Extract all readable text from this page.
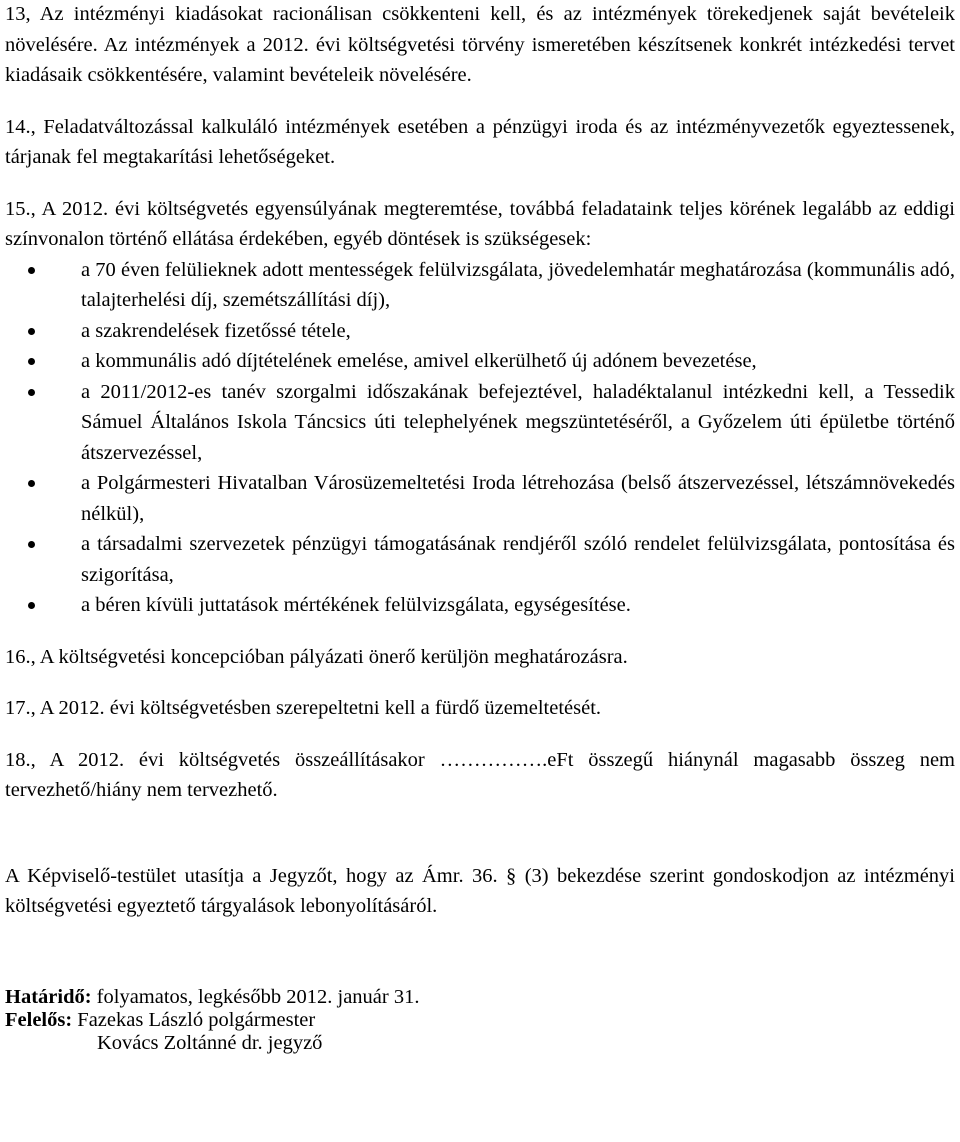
13, Az intézményi kiadásokat racionálisan csökkenteni kell, és az intézmények törekedjenek saját bevételeik növelésére. Az intézmények a 2012. évi költségvetési törvény ismeretében készítsenek konkrét intézkedési tervet kiadásaik csökkentésére, valamint bevételeik növelésére.

14., Feladatváltozással kalkuláló intézmények esetében a pénzügyi iroda és az intézményvezetők egyeztessenek, tárjanak fel megtakarítási lehetőségeket.

15., A 2012. évi költségvetés egyensúlyának megteremtése, továbbá feladataink teljes körének legalább az eddigi színvonalon történő ellátása érdekében, egyéb döntések is szükségesek:

a 70 éven felülieknek adott mentességek felülvizsgálata, jövedelemhatár meghatározása (kommunális adó, talajterhelési díj, szemétszállítási díj),
a szakrendelések fizetőssé tétele,
a kommunális adó díjtételének emelése, amivel elkerülhető új adónem bevezetése,
a 2011/2012-es tanév szorgalmi időszakának befejeztével, haladéktalanul intézkedni kell, a Tessedik Sámuel Általános Iskola Táncsics úti telephelyének megszüntetéséről, a Győzelem úti épületbe történő átszervezéssel,
a Polgármesteri Hivatalban Városüzemeltetési Iroda létrehozása (belső átszervezéssel, létszámnövekedés nélkül),
a társadalmi szervezetek pénzügyi támogatásának rendjéről szóló rendelet felülvizsgálata, pontosítása és szigorítása,
a béren kívüli juttatások mértékének felülvizsgálata, egységesítése.

16., A költségvetési koncepcióban pályázati önerő kerüljön meghatározásra.

17., A 2012. évi költségvetésben szerepeltetni kell a fürdő üzemeltetését.

18., A 2012. évi költségvetés összeállításakor …………….eFt összegű hiánynál magasabb összeg nem tervezhető/hiány nem tervezhető.

A Képviselő-testület utasítja a Jegyzőt, hogy az Ámr. 36. § (3) bekezdése szerint gondoskodjon az intézményi költségvetési egyeztető tárgyalások lebonyolításáról.

Határidő: folyamatos, legkésőbb 2012. január 31.
Felelős: Fazekas László polgármester
Kovács Zoltánné dr. jegyző
